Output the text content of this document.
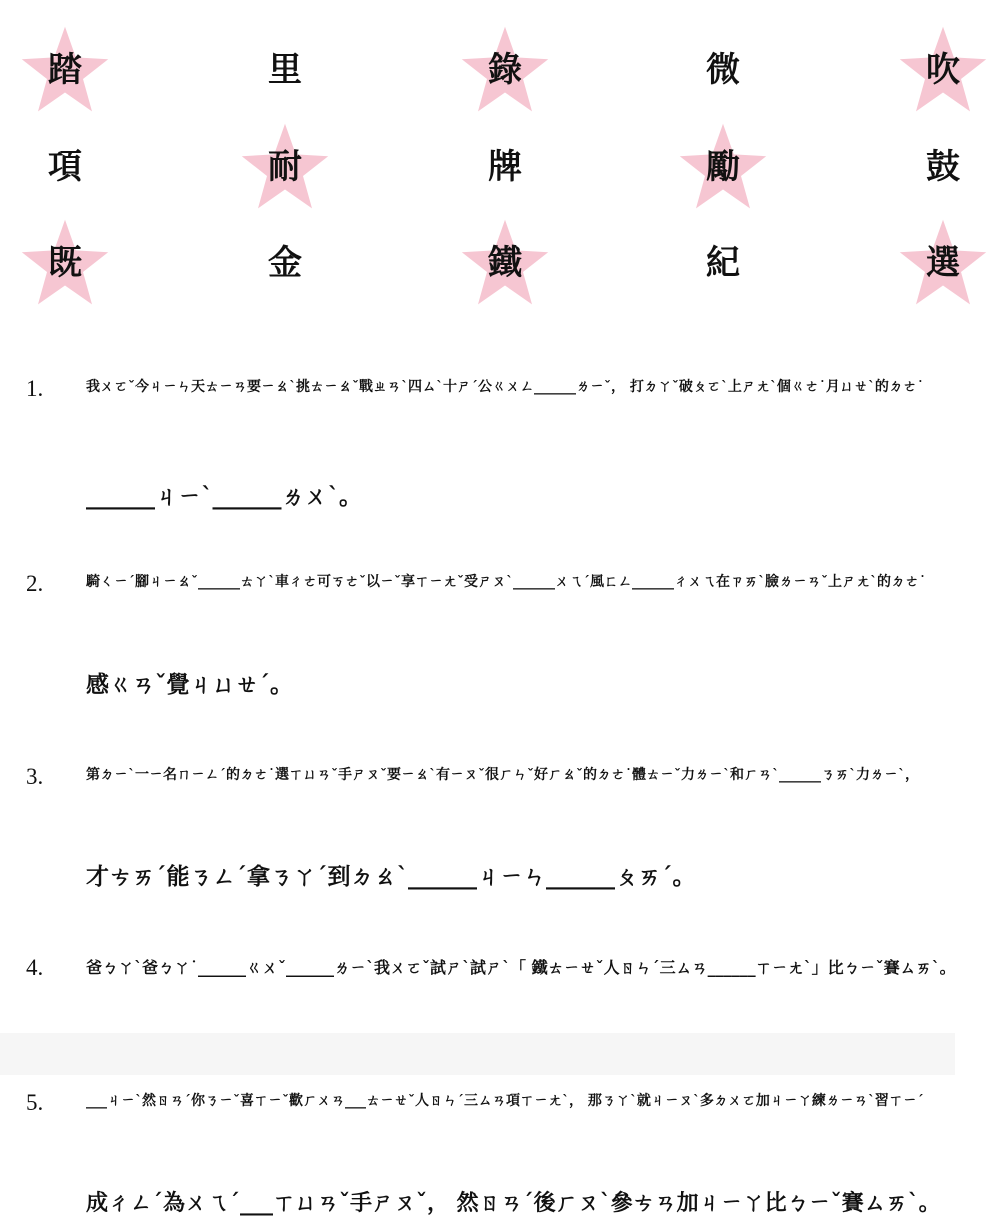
踏	里	錄	微	吹
項	耐	牌	勵	鼓
既	金	鐵	紀	選
1.	我ㄨㄛˇ今ㄐㄧㄣ天ㄊㄧㄢ要ㄧㄠˋ挑ㄊㄧㄠˇ戰ㄓㄢˋ四ㄙˋ十ㄕˊ公ㄍㄨㄥ______ㄌㄧˇ， 打ㄉㄚˇ破ㄆㄛˋ上ㄕㄤˋ個ㄍㄜ˙月ㄩㄝˋ的ㄉㄜ˙
______ㄐㄧˋ______ㄌㄨˋ。
2.	騎ㄑㄧˊ腳ㄐㄧㄠˇ______ㄊㄚˋ車ㄔㄜ可ㄎㄜˇ以ㄧˇ享ㄒㄧㄤˇ受ㄕㄡˋ______ㄨㄟˊ風ㄈㄥ______ㄔㄨㄟ在ㄗㄞˋ臉ㄌㄧㄢˇ上ㄕㄤˋ的ㄉㄜ˙
感ㄍㄢˇ覺ㄐㄩㄝˊ。
3.	第ㄉㄧˋ一ㄧ名ㄇㄧㄥˊ的ㄉㄜ˙選ㄒㄩㄢˇ手ㄕㄡˇ要ㄧㄠˋ有ㄧㄡˇ很ㄏㄣˇ好ㄏㄠˇ的ㄉㄜ˙體ㄊㄧˇ力ㄌㄧˋ和ㄏㄢˋ______ㄋㄞˋ力ㄌㄧˋ，
才ㄘㄞˊ能ㄋㄥˊ拿ㄋㄚˊ到ㄉㄠˋ______ㄐㄧㄣ______ㄆㄞˊ。
4.	爸ㄅㄚˋ爸ㄅㄚ˙______ㄍㄨˇ______ㄌㄧˋ我ㄨㄛˇ試ㄕˋ試ㄕˋ「 鐵ㄊㄧㄝˇ人ㄖㄣˊ三ㄙㄢ______ㄒㄧㄤˋ」比ㄅㄧˇ賽ㄙㄞˋ。
5.	___ㄐㄧˋ然ㄖㄢˊ你ㄋㄧˇ喜ㄒㄧˇ歡ㄏㄨㄢ___ㄊㄧㄝˇ人ㄖㄣˊ三ㄙㄢ項ㄒㄧㄤˋ， 那ㄋㄚˋ就ㄐㄧㄡˋ多ㄉㄨㄛ加ㄐㄧㄚ練ㄌㄧㄢˋ習ㄒㄧˊ
成ㄔㄥˊ為ㄨㄟˊ___ㄒㄩㄢˇ手ㄕㄡˇ， 然ㄖㄢˊ後ㄏㄡˋ參ㄘㄢ加ㄐㄧㄚ比ㄅㄧˇ賽ㄙㄞˋ。
